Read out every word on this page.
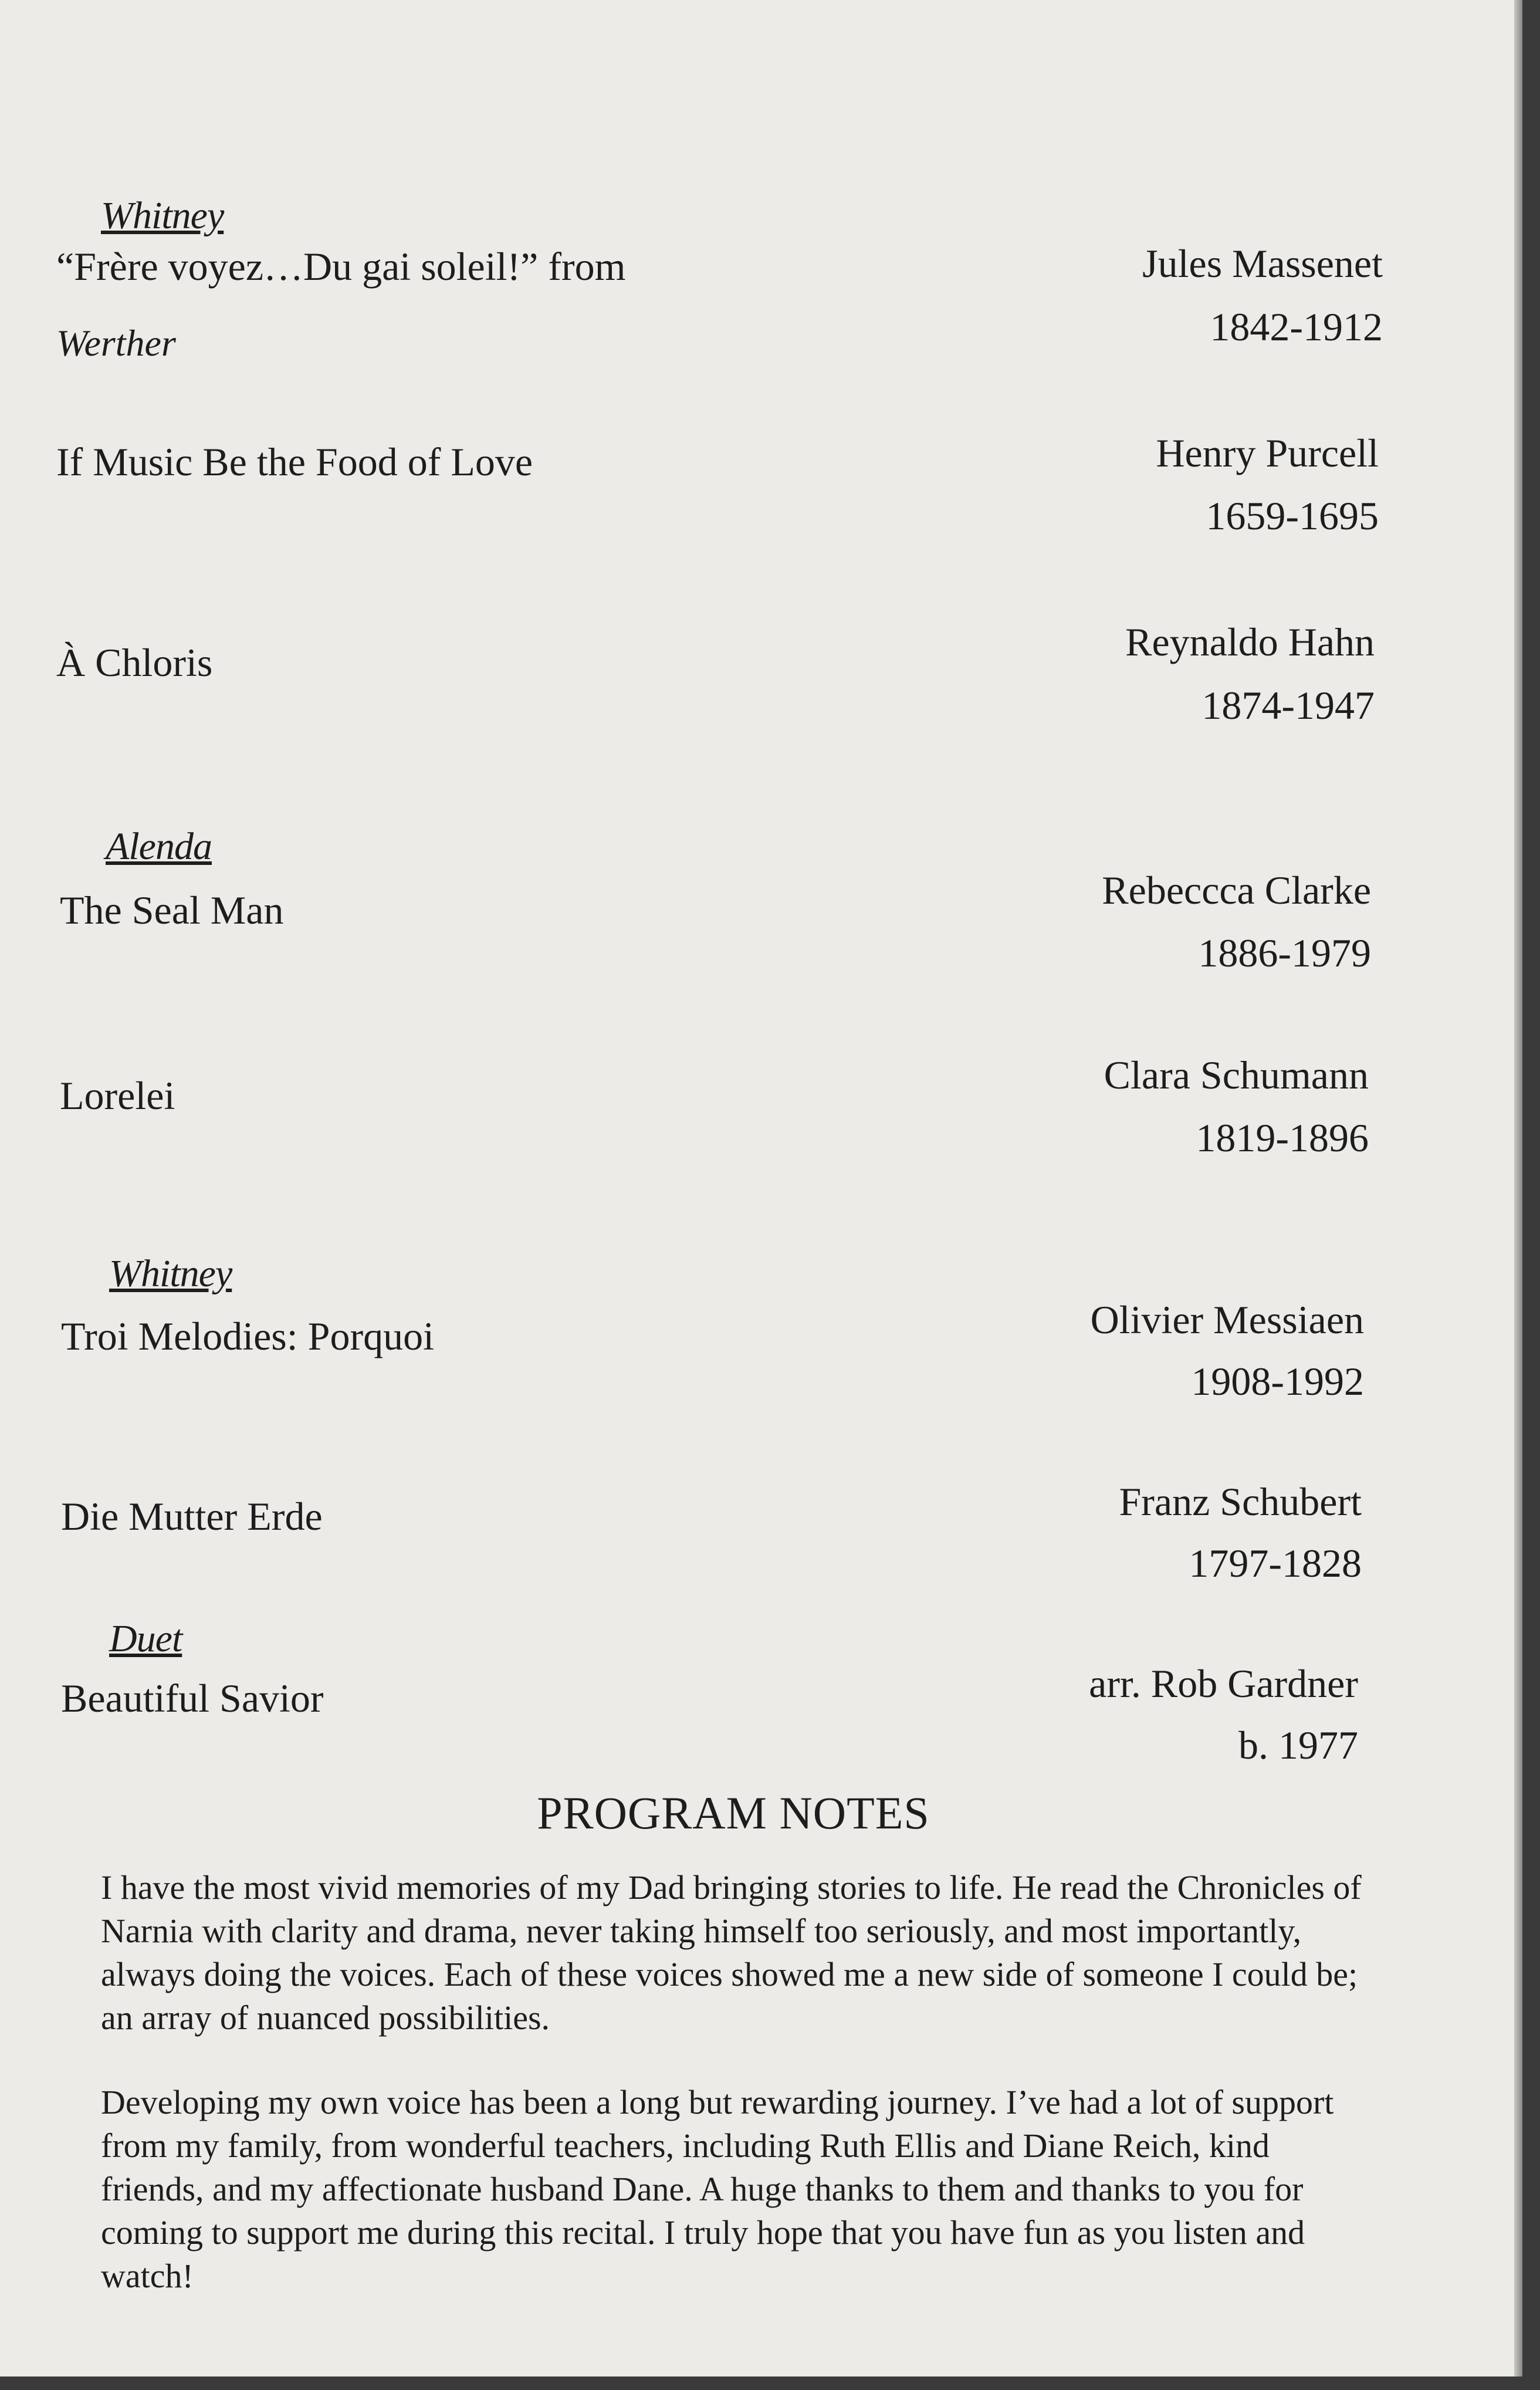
Whitney
“Frère voyez…Du gai soleil!” from
Werther
Jules Massenet
1842-1912
If Music Be the Food of Love	Henry Purcell
1659-1695
À Chloris	Reynaldo Hahn
1874-1947
Alenda
The Seal Man	Rebeccca Clarke
1886-1979
Lorelei	Clara Schumann
1819-1896
Whitney
Troi Melodies: Porquoi	Olivier Messiaen
1908-1992
Die Mutter Erde	Franz Schubert
1797-1828
Duet
Beautiful Savior	arr. Rob Gardner
b. 1977
PROGRAM NOTES

I have the most vivid memories of my Dad bringing stories to life. He read the Chronicles of Narnia with clarity and drama, never taking himself too seriously, and most importantly, always doing the voices. Each of these voices showed me a new side of someone I could be; an array of nuanced possibilities.

Developing my own voice has been a long but rewarding journey. I’ve had a lot of support from my family, from wonderful teachers, including Ruth Ellis and Diane Reich, kind friends, and my affectionate husband Dane. A huge thanks to them and thanks to you for coming to support me during this recital. I truly hope that you have fun as you listen and watch!
